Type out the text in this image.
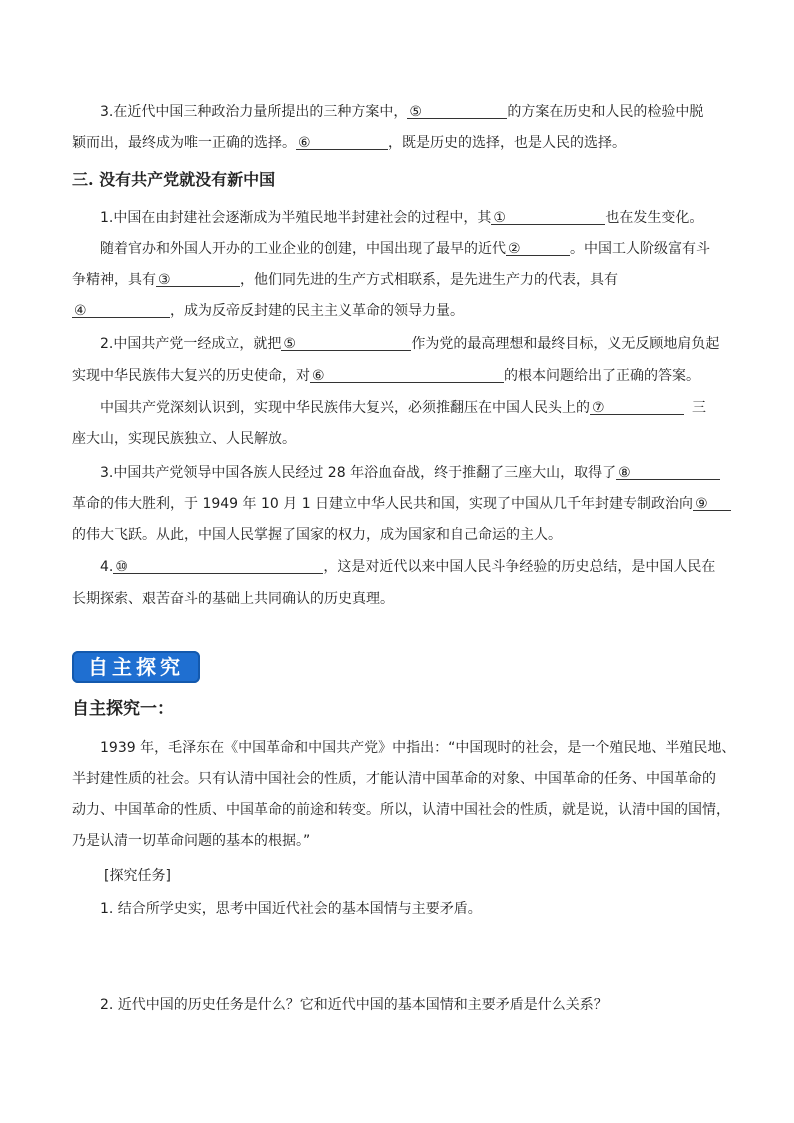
3.在近代中国三种政治力量所提出的三种方案中， ⑤	的方案在历史和人民的检验中脱
颖而出，最终成为唯一正确的选择。 ⑥	，既是历史的选择，也是人民的选择。
三. 没有共产党就没有新中国
1.中国在由封建社会逐渐成为半殖民地半封建社会的过程中，其 ①	也在发生变化。
随着官办和外国人开办的工业企业的创建，中国出现了最早的近代 ②	。中国工人阶级富有斗
争精神，具有 ③	，他们同先进的生产方式相联系，是先进生产力的代表，具有
④	，成为反帝反封建的民主主义革命的领导力量。
2.中国共产党一经成立，就把 ⑤	作为党的最高理想和最终目标，义无反顾地肩负起
实现中华民族伟大复兴的历史使命，对 ⑥	的根本问题给出了正确的答案。
中国共产党深刻认识到，实现中华民族伟大复兴，必须推翻压在中国人民头上的 ⑦	三
座大山，实现民族独立、人民解放。
3.中国共产党领导中国各族人民经过 28 年浴血奋战，终于推翻了三座大山，取得了 ⑧
革命的伟大胜利，于 1949 年 10 月 1 日建立中华人民共和国，实现了中国从几千年封建专制政治向 ⑨
的伟大飞跃。从此，中国人民掌握了国家的权力，成为国家和自己命运的主人。
4. ⑩	，这是对近代以来中国人民斗争经验的历史总结，是中国人民在
长期探索、艰苦奋斗的基础上共同确认的历史真理。
自主探究
自主探究一：
1939 年，毛泽东在《中国革命和中国共产党》中指出：“中国现时的社会，是一个殖民地、半殖民地、
半封建性质的社会。只有认清中国社会的性质，才能认清中国革命的对象、中国革命的任务、中国革命的
动力、中国革命的性质、中国革命的前途和转变。所以，认清中国社会的性质，就是说，认清中国的国情，
乃是认清一切革命问题的基本的根据。”
[探究任务]
1. 结合所学史实，思考中国近代社会的基本国情与主要矛盾。
2. 近代中国的历史任务是什么？它和近代中国的基本国情和主要矛盾是什么关系？
